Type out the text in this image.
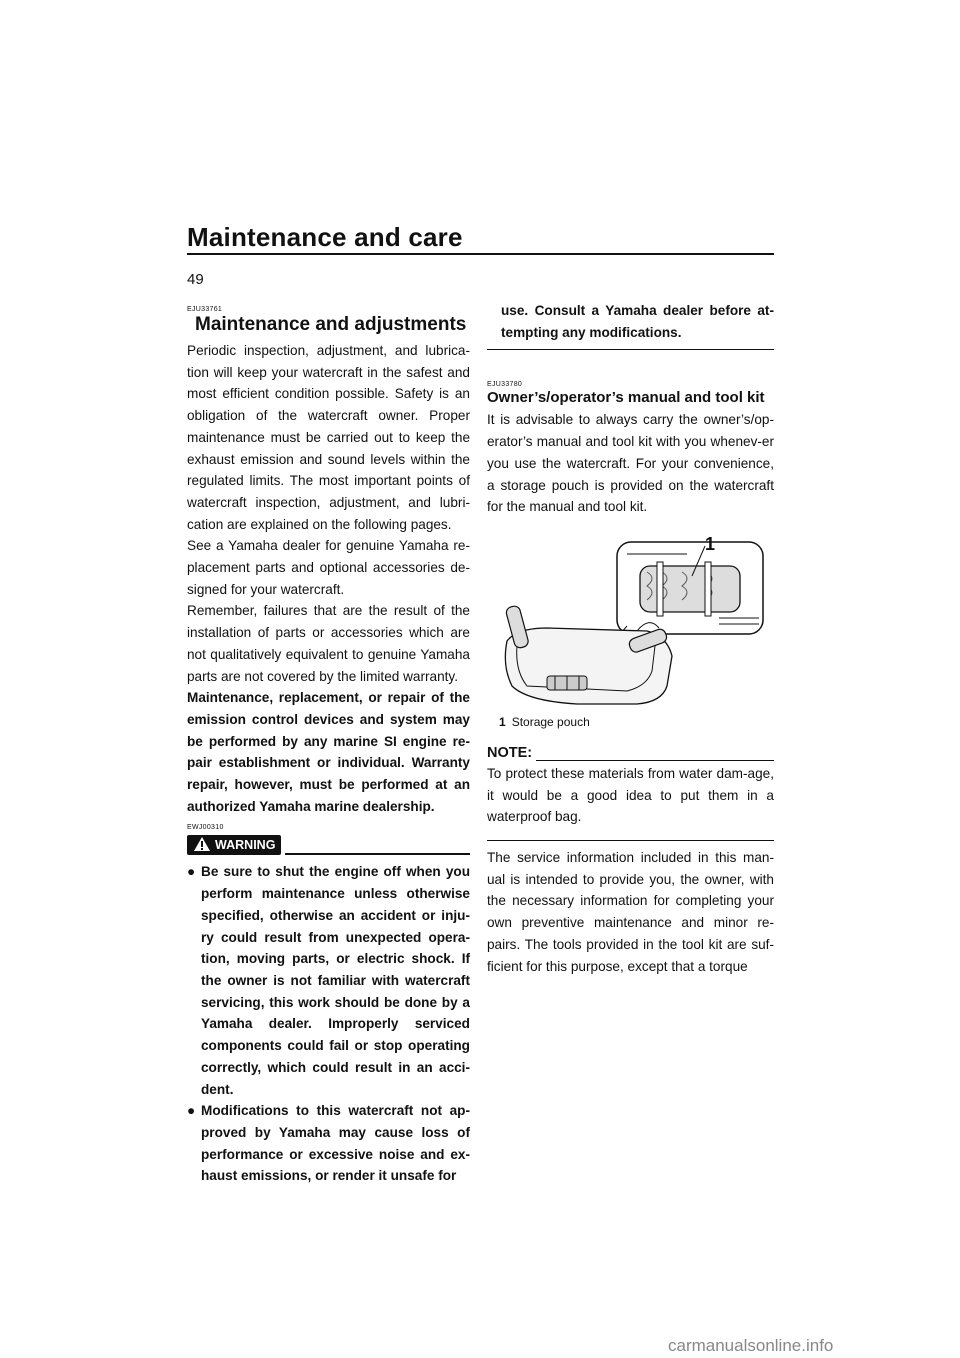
Maintenance and care
49
EJU33761
Maintenance and adjustments

Periodic inspection, adjustment, and lubrica-tion will keep your watercraft in the safest and most efficient condition possible. Safety is an obligation of the watercraft owner. Proper maintenance must be carried out to keep the exhaust emission and sound levels within the regulated limits. The most important points of watercraft inspection, adjustment, and lubri-cation are explained on the following pages.

See a Yamaha dealer for genuine Yamaha re-placement parts and optional accessories de-signed for your watercraft.

Remember, failures that are the result of the installation of parts or accessories which are not qualitatively equivalent to genuine Yamaha parts are not covered by the limited warranty.

Maintenance, replacement, or repair of the emission control devices and system may be performed by any marine SI engine re-pair establishment or individual. Warranty repair, however, must be performed at an authorized Yamaha marine dealership.

EWJ00310
WARNING
● Be sure to shut the engine off when you perform maintenance unless otherwise specified, otherwise an accident or inju-ry could result from unexpected opera-tion, moving parts, or electric shock. If the owner is not familiar with watercraft servicing, this work should be done by a Yamaha dealer. Improperly serviced components could fail or stop operating correctly, which could result in an acci-dent.
● Modifications to this watercraft not ap-proved by Yamaha may cause loss of performance or excessive noise and ex-haust emissions, or render it unsafe for
use. Consult a Yamaha dealer before at-tempting any modifications.
EJU33780
Owner’s/operator’s manual and tool kit

It is advisable to always carry the owner’s/op-erator’s manual and tool kit with you whenev-er you use the watercraft. For your convenience, a storage pouch is provided on the watercraft for the manual and tool kit.

1
1 Storage pouch
NOTE:

To protect these materials from water dam-age, it would be a good idea to put them in a waterproof bag.

The service information included in this man-ual is intended to provide you, the owner, with the necessary information for completing your own preventive maintenance and minor re-pairs. The tools provided in the tool kit are suf-ficient for this purpose, except that a torque

carmanualsonline.info
